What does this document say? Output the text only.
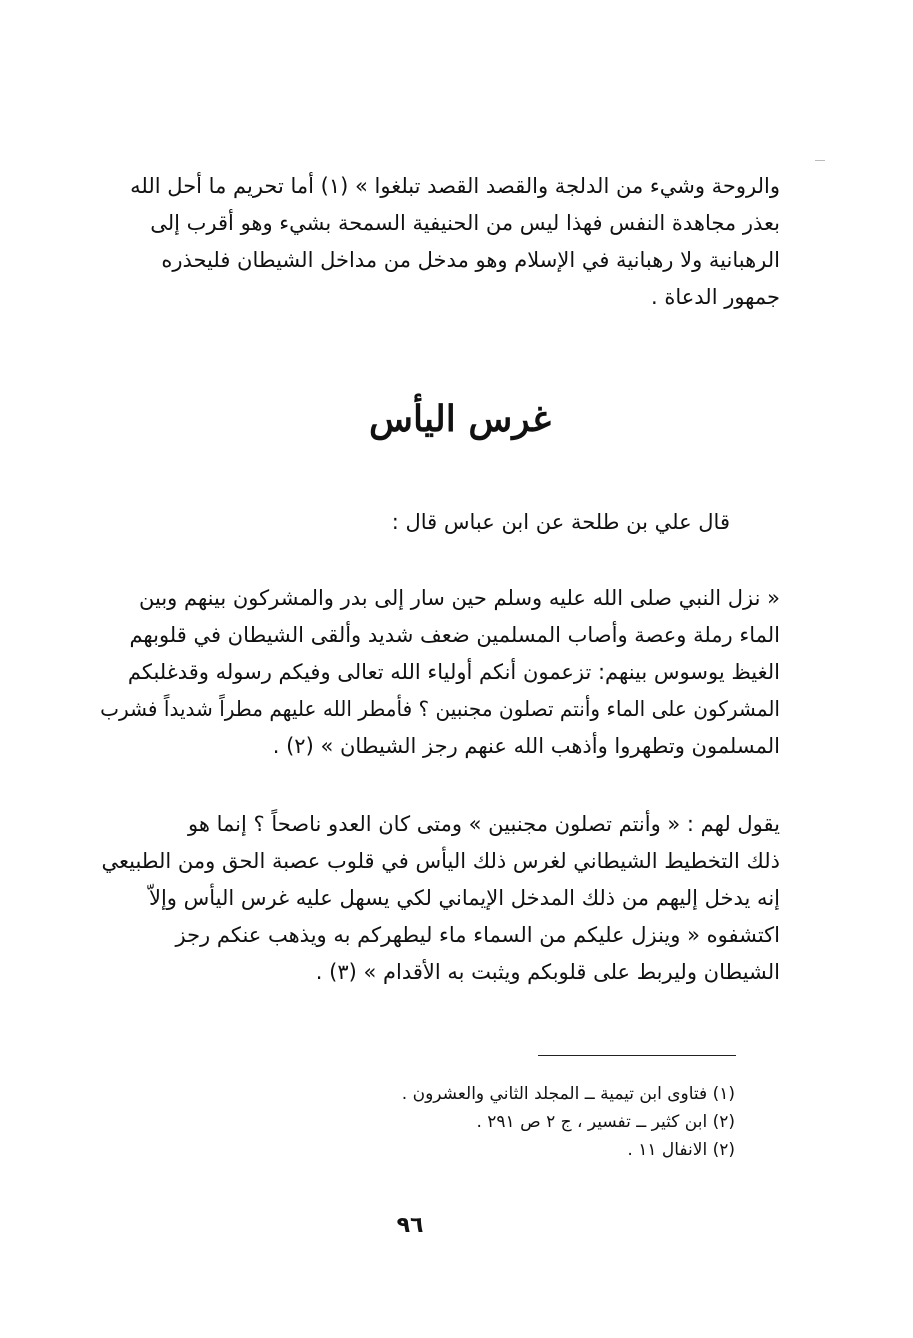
والروحة وشيء من الدلجة والقصد القصد تبلغوا » (١) أما تحريم ما أحل الله
بعذر مجاهدة النفس فهذا ليس من الحنيفية السمحة بشيء وهو أقرب إلى
الرهبانية ولا رهبانية في الإسلام وهو مدخل من مداخل الشيطان فليحذره
جمهور الدعاة .
غرس اليأس
قال علي بن طلحة عن ابن عباس قال :
« نزل النبي صلى الله عليه وسلم حين سار إلى بدر والمشركون بينهم وبين
الماء رملة وعصة وأصاب المسلمين ضعف شديد وألقى الشيطان في قلوبهم
الغيظ يوسوس بينهم: تزعمون أنكم أولياء الله تعالى وفيكم رسوله وقدغلبكم
المشركون على الماء وأنتم تصلون مجنبين ؟ فأمطر الله عليهم مطراً شديداً فشرب
المسلمون وتطهروا وأذهب الله عنهم رجز الشيطان » (٢) .
يقول لهم : « وأنتم تصلون مجنبين » ومتى كان العدو ناصحاً ؟ إنما هو
ذلك التخطيط الشيطاني لغرس ذلك اليأس في قلوب عصبة الحق ومن الطبيعي
إنه يدخل إليهم من ذلك المدخل الإيماني لكي يسهل عليه غرس اليأس وإلاّ
اكتشفوه « وينزل عليكم من السماء ماء ليطهركم به ويذهب عنكم رجز
الشيطان وليربط على قلوبكم ويثبت به الأقدام » (٣) .
(١) فتاوى ابن تيمية ــ المجلد الثاني والعشرون .
(٢) ابن كثير ــ تفسير ، ج ٢ ص ٢٩١ .
(٢) الانفال ١١ .
٩٦
